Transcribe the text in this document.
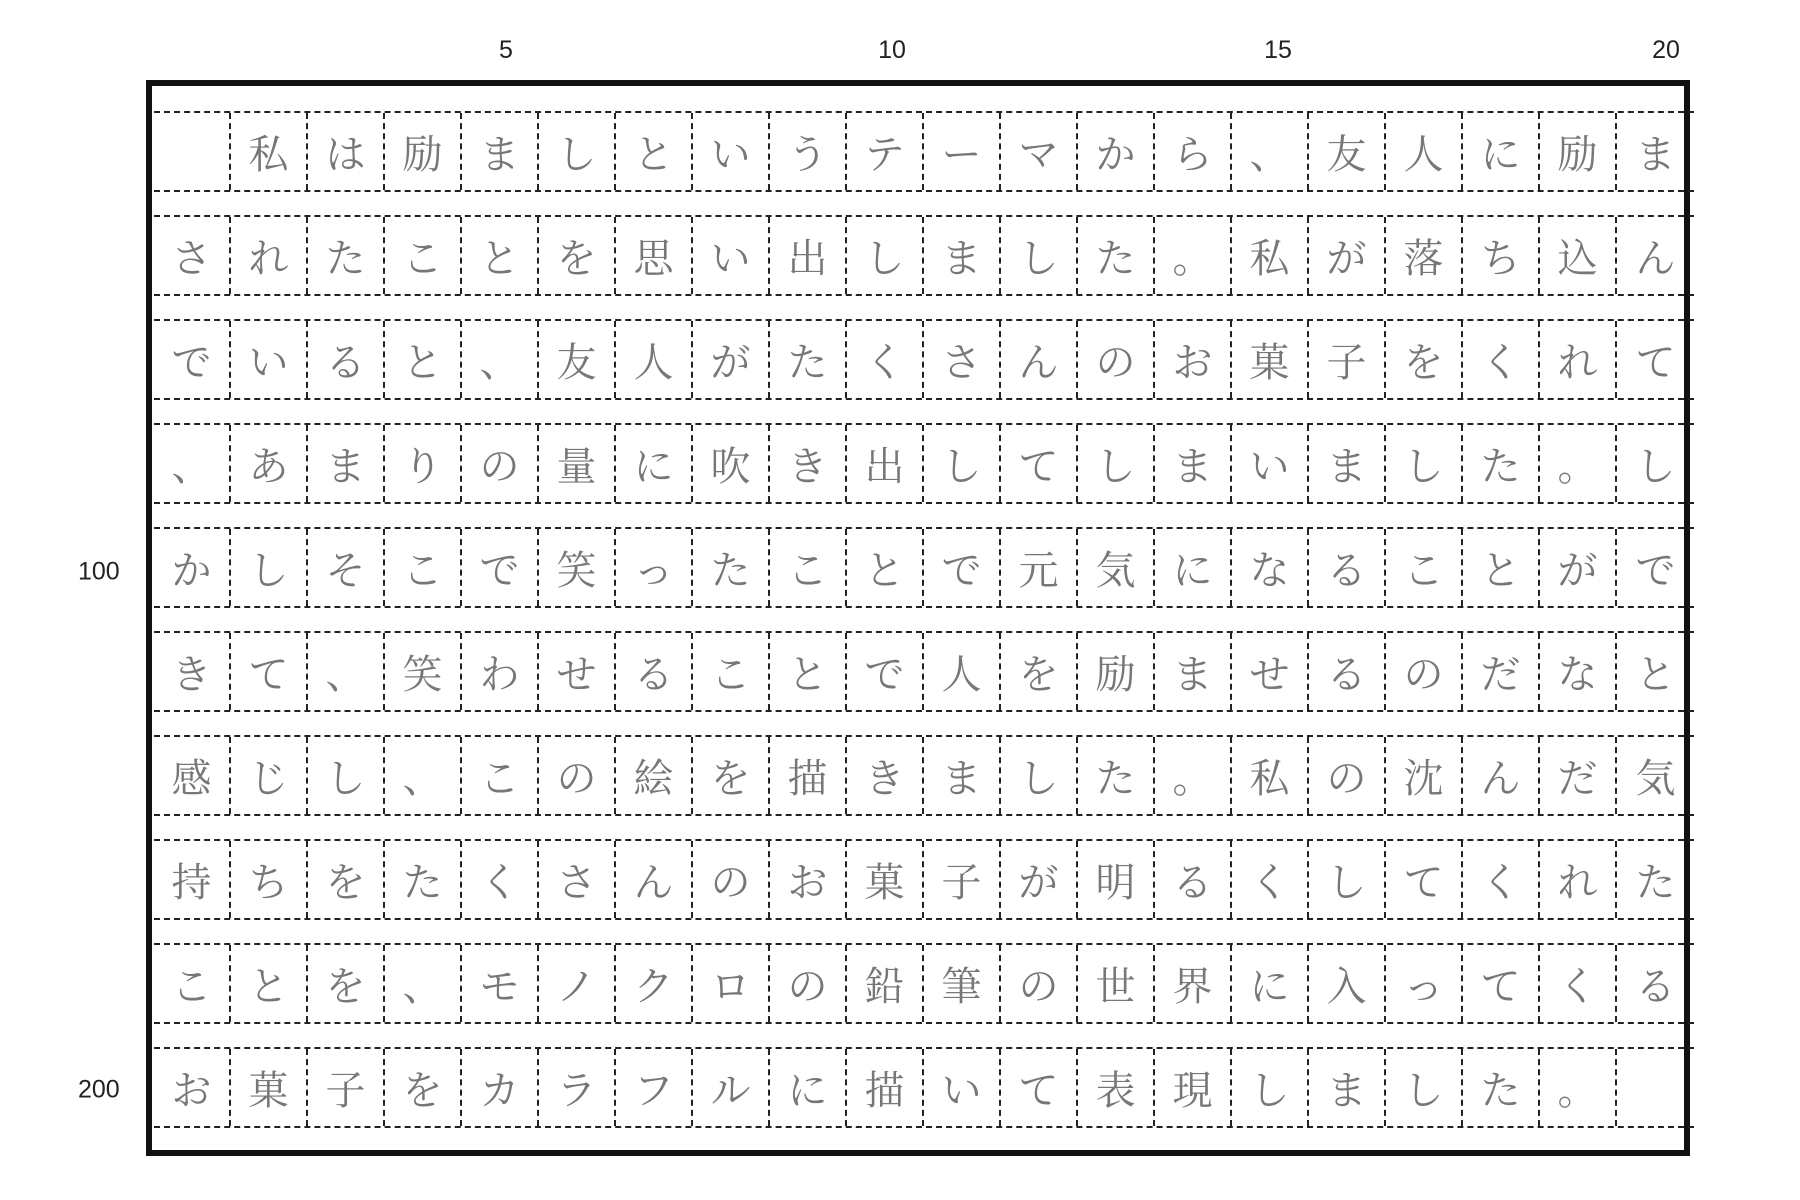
5	10	15	20
100
200
私 は 励 ま し と い う テ ー マ か ら 、 友 人 に 励 ま
さ れ た こ と を 思 い 出 し ま し た 。 私 が 落 ち 込 ん
で い る と 、 友 人 が た く さ ん の お 菓 子 を く れ て
、 あ ま り の 量 に 吹 き 出 し て し ま い ま し た 。 し
か し そ こ で 笑 っ た こ と で 元 気 に な る こ と が で
き て 、 笑 わ せ る こ と で 人 を 励 ま せ る の だ な と
感 じ し 、 こ の 絵 を 描 き ま し た 。 私 の 沈 ん だ 気
持 ち を た く さ ん の お 菓 子 が 明 る く し て く れ た
こ と を 、 モ ノ ク ロ の 鉛 筆 の 世 界 に 入 っ て く る
お 菓 子 を カ ラ フ ル に 描 い て 表 現 し ま し た 。
